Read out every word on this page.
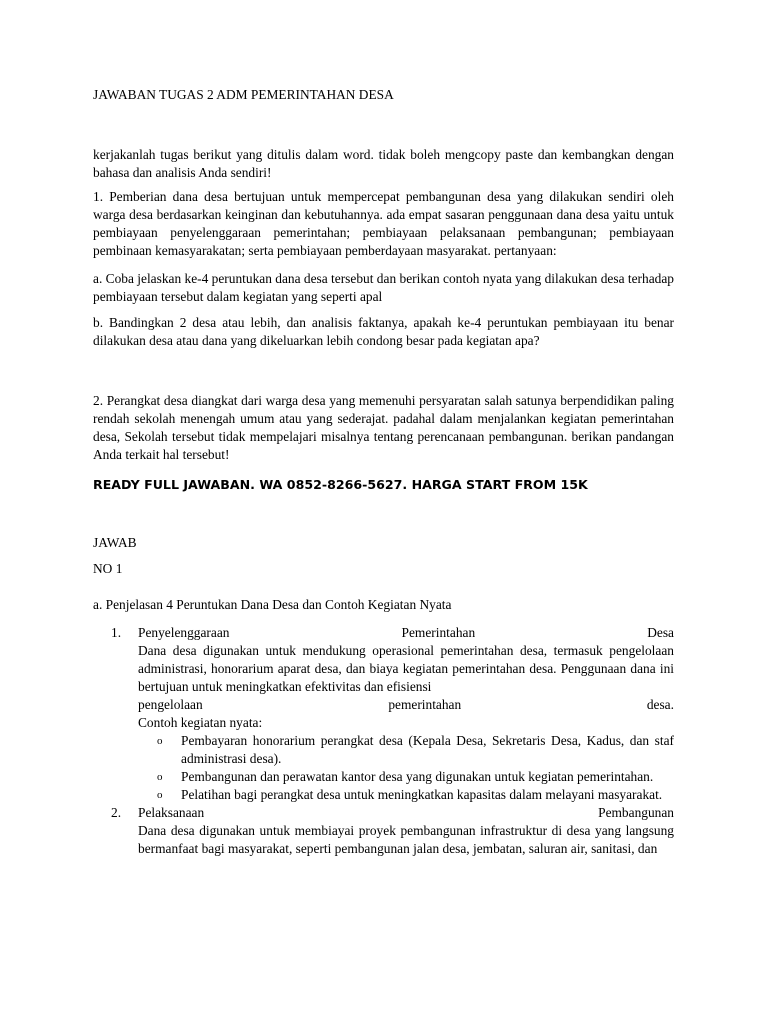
JAWABAN TUGAS 2 ADM PEMERINTAHAN DESA

kerjakanlah tugas berikut yang ditulis dalam word. tidak boleh mengcopy paste dan kembangkan dengan bahasa dan analisis Anda sendiri!

1. Pemberian dana desa bertujuan untuk mempercepat pembangunan desa yang dilakukan sendiri oleh warga desa berdasarkan keinginan dan kebutuhannya. ada empat sasaran penggunaan dana desa yaitu untuk pembiayaan penyelenggaraan pemerintahan; pembiayaan pelaksanaan pembangunan; pembiayaan pembinaan kemasyarakatan; serta pembiayaan pemberdayaan masyarakat. pertanyaan:

a. Coba jelaskan ke-4 peruntukan dana desa tersebut dan berikan contoh nyata yang dilakukan desa terhadap pembiayaan tersebut dalam kegiatan yang seperti apal

b. Bandingkan 2 desa atau lebih, dan analisis faktanya, apakah ke-4 peruntukan pembiayaan itu benar dilakukan desa atau dana yang dikeluarkan lebih condong besar pada kegiatan apa?

2. Perangkat desa diangkat dari warga desa yang memenuhi persyaratan salah satunya berpendidikan paling rendah sekolah menengah umum atau yang sederajat. padahal dalam menjalankan kegiatan pemerintahan desa, Sekolah tersebut tidak mempelajari misalnya tentang perencanaan pembangunan. berikan pandangan Anda terkait hal tersebut!

READY FULL JAWABAN. WA 0852-8266-5627. HARGA START FROM 15K
JAWAB
NO 1
a. Penjelasan 4 Peruntukan Dana Desa dan Contoh Kegiatan Nyata
1. Penyelenggaraan	Pemerintahan	Desa
Dana desa digunakan untuk mendukung operasional pemerintahan desa, termasuk pengelolaan administrasi, honorarium aparat desa, dan biaya kegiatan pemerintahan desa. Penggunaan dana ini bertujuan untuk meningkatkan efektivitas dan efisiensi
pengelolaan	pemerintahan	desa.
Contoh kegiatan nyata:
o Pembayaran honorarium perangkat desa (Kepala Desa, Sekretaris Desa, Kadus, dan staf administrasi desa).
o Pembangunan dan perawatan kantor desa yang digunakan untuk kegiatan pemerintahan.
o Pelatihan bagi perangkat desa untuk meningkatkan kapasitas dalam melayani masyarakat.
2. Pelaksanaan	Pembangunan
Dana desa digunakan untuk membiayai proyek pembangunan infrastruktur di desa yang langsung bermanfaat bagi masyarakat, seperti pembangunan jalan desa, jembatan, saluran air, sanitasi, dan
